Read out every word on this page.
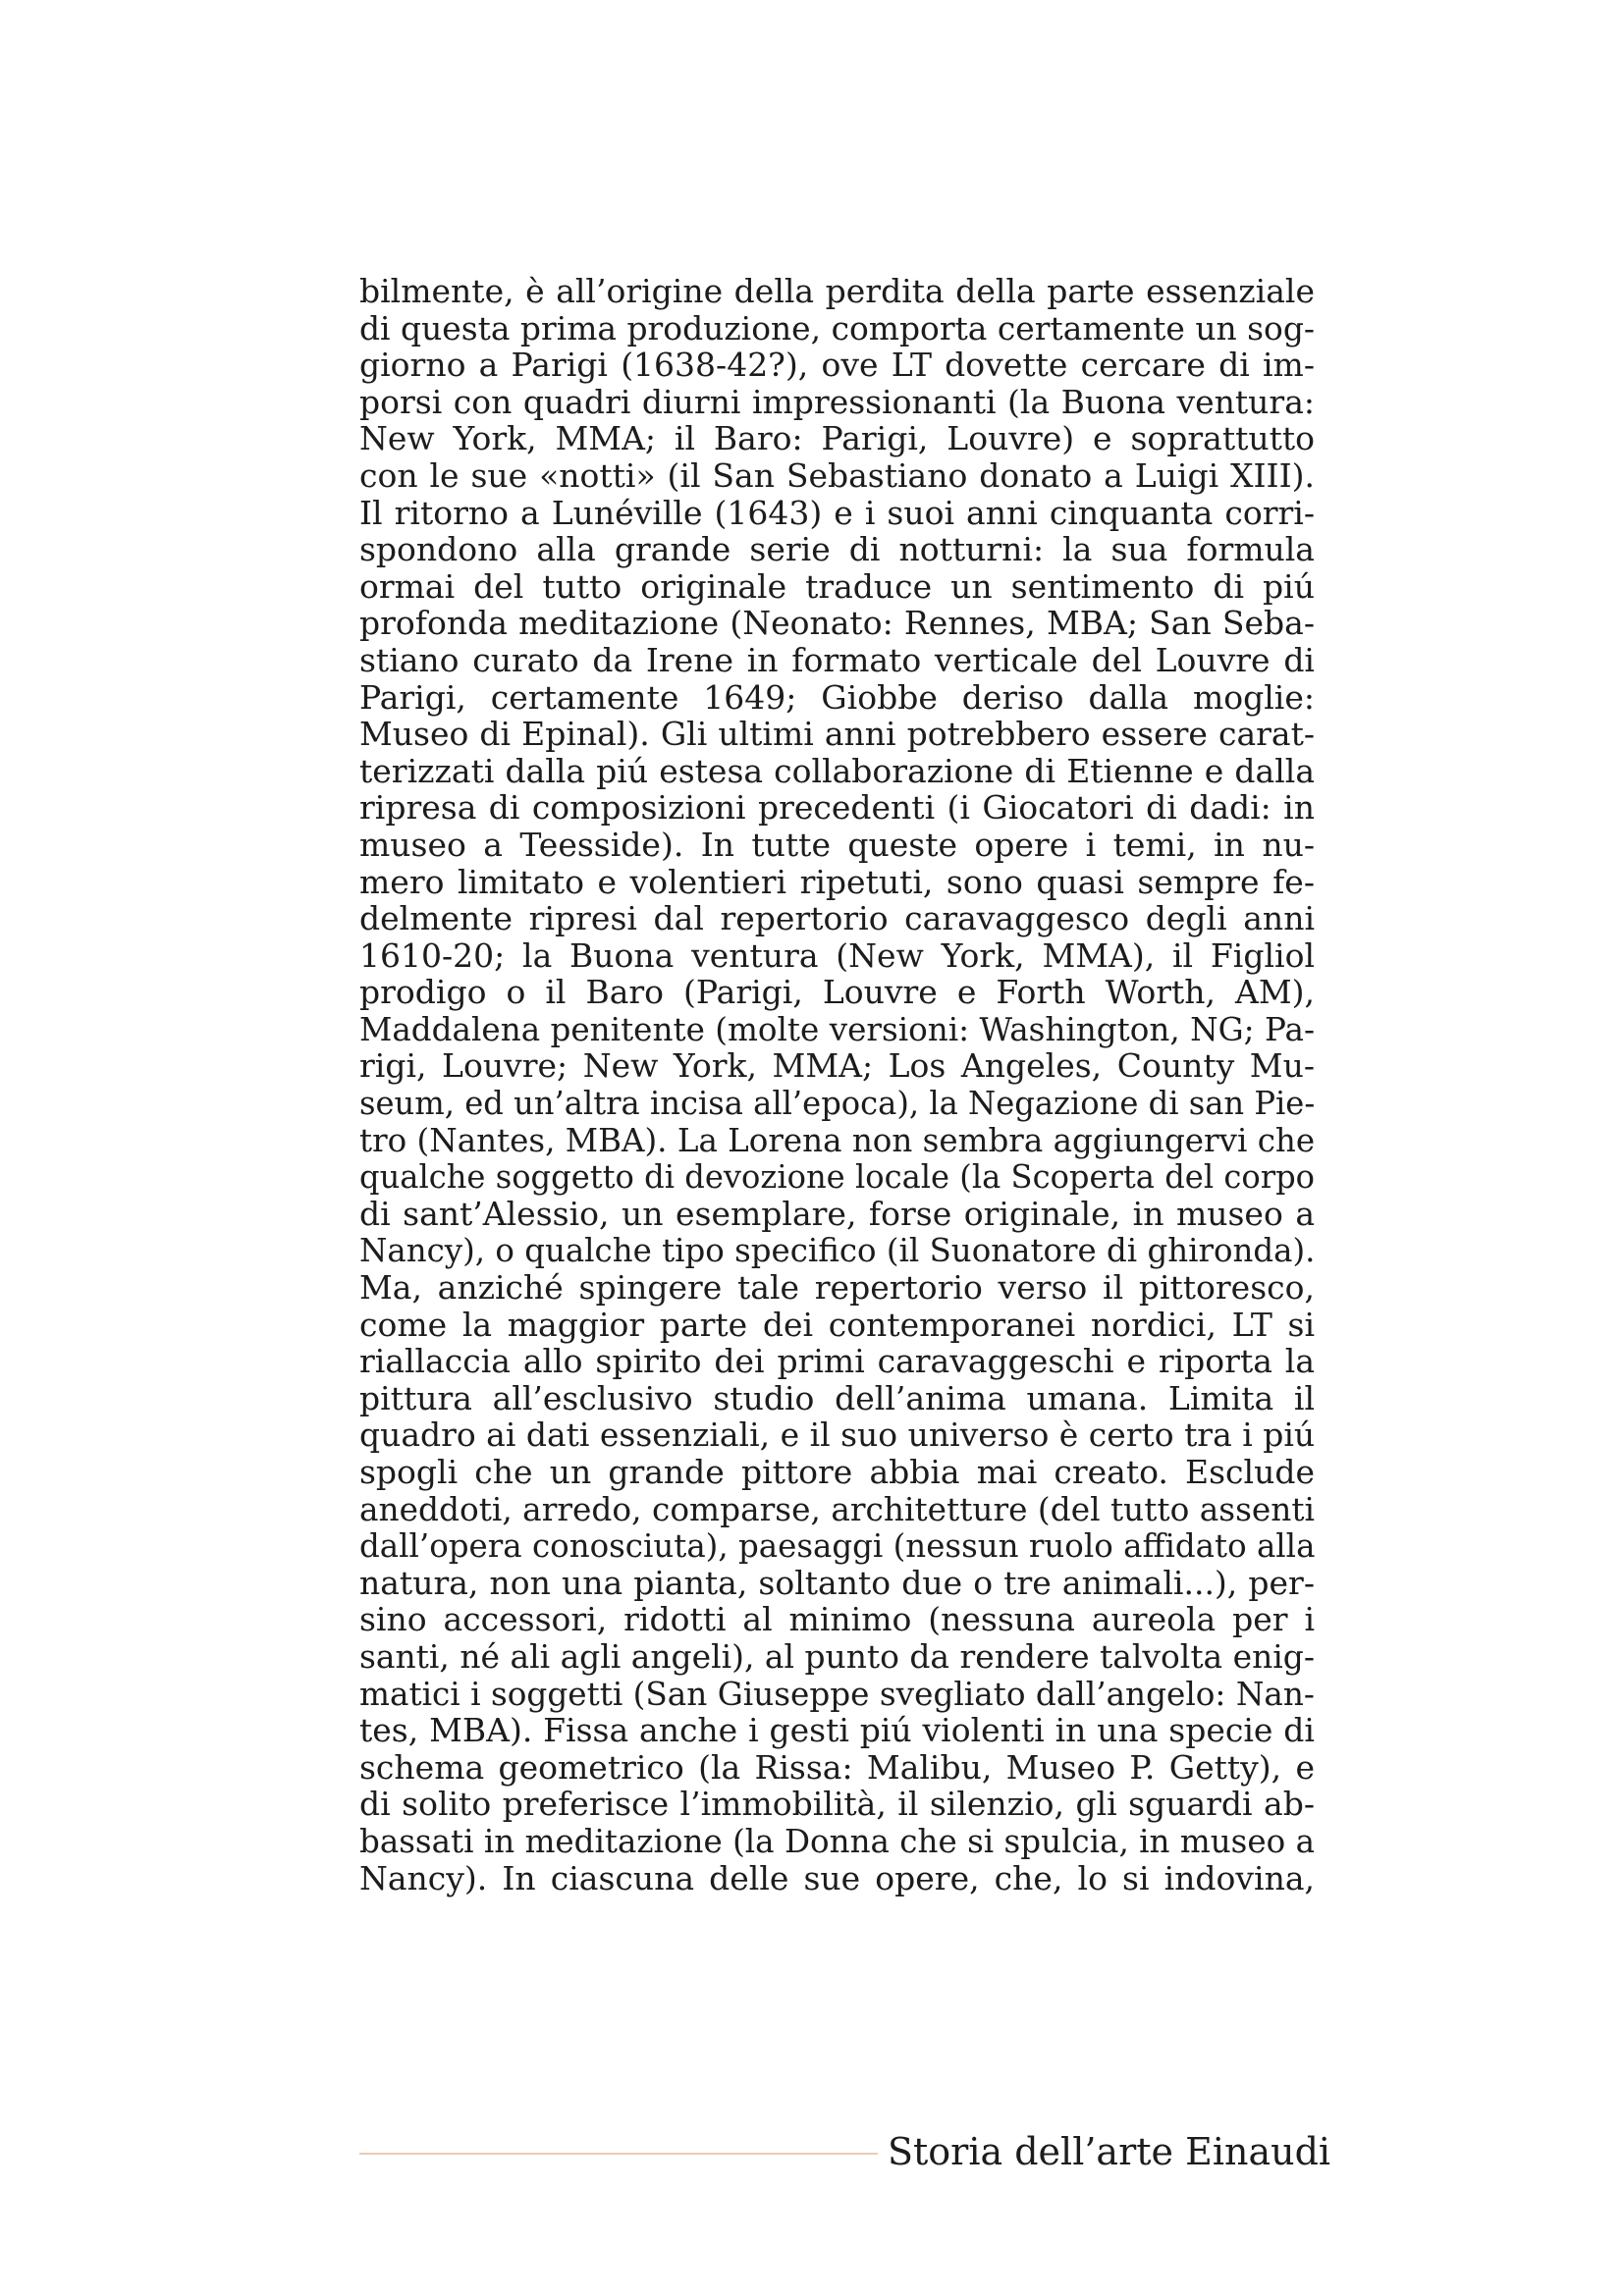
bilmente, è all’origine della perdita della parte essenziale
di questa prima produzione, comporta certamente un sog-
giorno a Parigi (1638-42?), ove LT dovette cercare di im-
porsi con quadri diurni impressionanti (la Buona ventura:
New York, MMA; il Baro: Parigi, Louvre) e soprattutto
con le sue «notti» (il San Sebastiano donato a Luigi XIII).
Il ritorno a Lunéville (1643) e i suoi anni cinquanta corri-
spondono alla grande serie di notturni: la sua formula
ormai del tutto originale traduce un sentimento di piú
profonda meditazione (Neonato: Rennes, MBA; San Seba-
stiano curato da Irene in formato verticale del Louvre di
Parigi, certamente 1649; Giobbe deriso dalla moglie:
Museo di Epinal). Gli ultimi anni potrebbero essere carat-
terizzati dalla piú estesa collaborazione di Etienne e dalla
ripresa di composizioni precedenti (i Giocatori di dadi: in
museo a Teesside). In tutte queste opere i temi, in nu-
mero limitato e volentieri ripetuti, sono quasi sempre fe-
delmente ripresi dal repertorio caravaggesco degli anni
1610-20; la Buona ventura (New York, MMA), il Figliol
prodigo o il Baro (Parigi, Louvre e Forth Worth, AM),
Maddalena penitente (molte versioni: Washington, NG; Pa-
rigi, Louvre; New York, MMA; Los Angeles, County Mu-
seum, ed un’altra incisa all’epoca), la Negazione di san Pie-
tro (Nantes, MBA). La Lorena non sembra aggiungervi che
qualche soggetto di devozione locale (la Scoperta del corpo
di sant’Alessio, un esemplare, forse originale, in museo a
Nancy), o qualche tipo specifico (il Suonatore di ghironda).
Ma, anziché spingere tale repertorio verso il pittoresco,
come la maggior parte dei contemporanei nordici, LT si
riallaccia allo spirito dei primi caravaggeschi e riporta la
pittura all’esclusivo studio dell’anima umana. Limita il
quadro ai dati essenziali, e il suo universo è certo tra i piú
spogli che un grande pittore abbia mai creato. Esclude
aneddoti, arredo, comparse, architetture (del tutto assenti
dall’opera conosciuta), paesaggi (nessun ruolo affidato alla
natura, non una pianta, soltanto due o tre animali...), per-
sino accessori, ridotti al minimo (nessuna aureola per i
santi, né ali agli angeli), al punto da rendere talvolta enig-
matici i soggetti (San Giuseppe svegliato dall’angelo: Nan-
tes, MBA). Fissa anche i gesti piú violenti in una specie di
schema geometrico (la Rissa: Malibu, Museo P. Getty), e
di solito preferisce l’immobilità, il silenzio, gli sguardi ab-
bassati in meditazione (la Donna che si spulcia, in museo a
Nancy). In ciascuna delle sue opere, che, lo si indovina,
Storia dell’arte Einaudi
